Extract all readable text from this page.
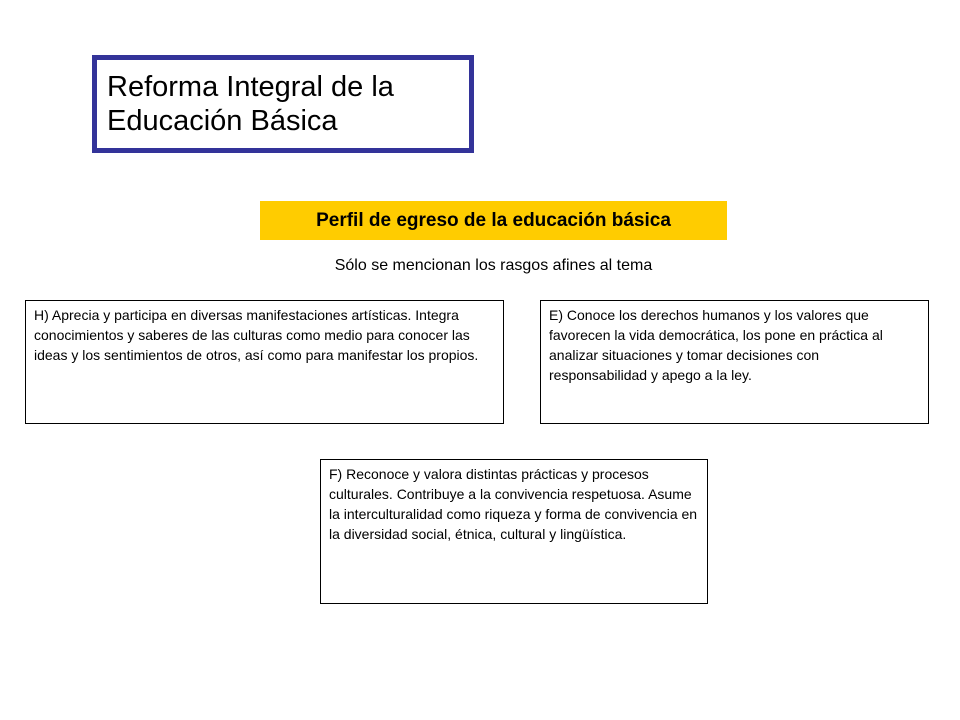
Reforma Integral de la
Educación Básica
Perfil de egreso de la educación básica
Sólo se mencionan los rasgos afines al tema
H) Aprecia y participa en diversas manifestaciones artísticas. Integra conocimientos y saberes de las culturas como medio para conocer las ideas y los sentimientos de otros, así como para manifestar los propios.
E) Conoce los derechos humanos y los valores que favorecen la vida democrática, los pone en práctica al analizar situaciones y tomar decisiones con responsabilidad y apego a la ley.
F) Reconoce y valora distintas prácticas y procesos culturales. Contribuye a la convivencia respetuosa. Asume la interculturalidad como riqueza y forma de convivencia en la diversidad social, étnica, cultural y lingüística.
